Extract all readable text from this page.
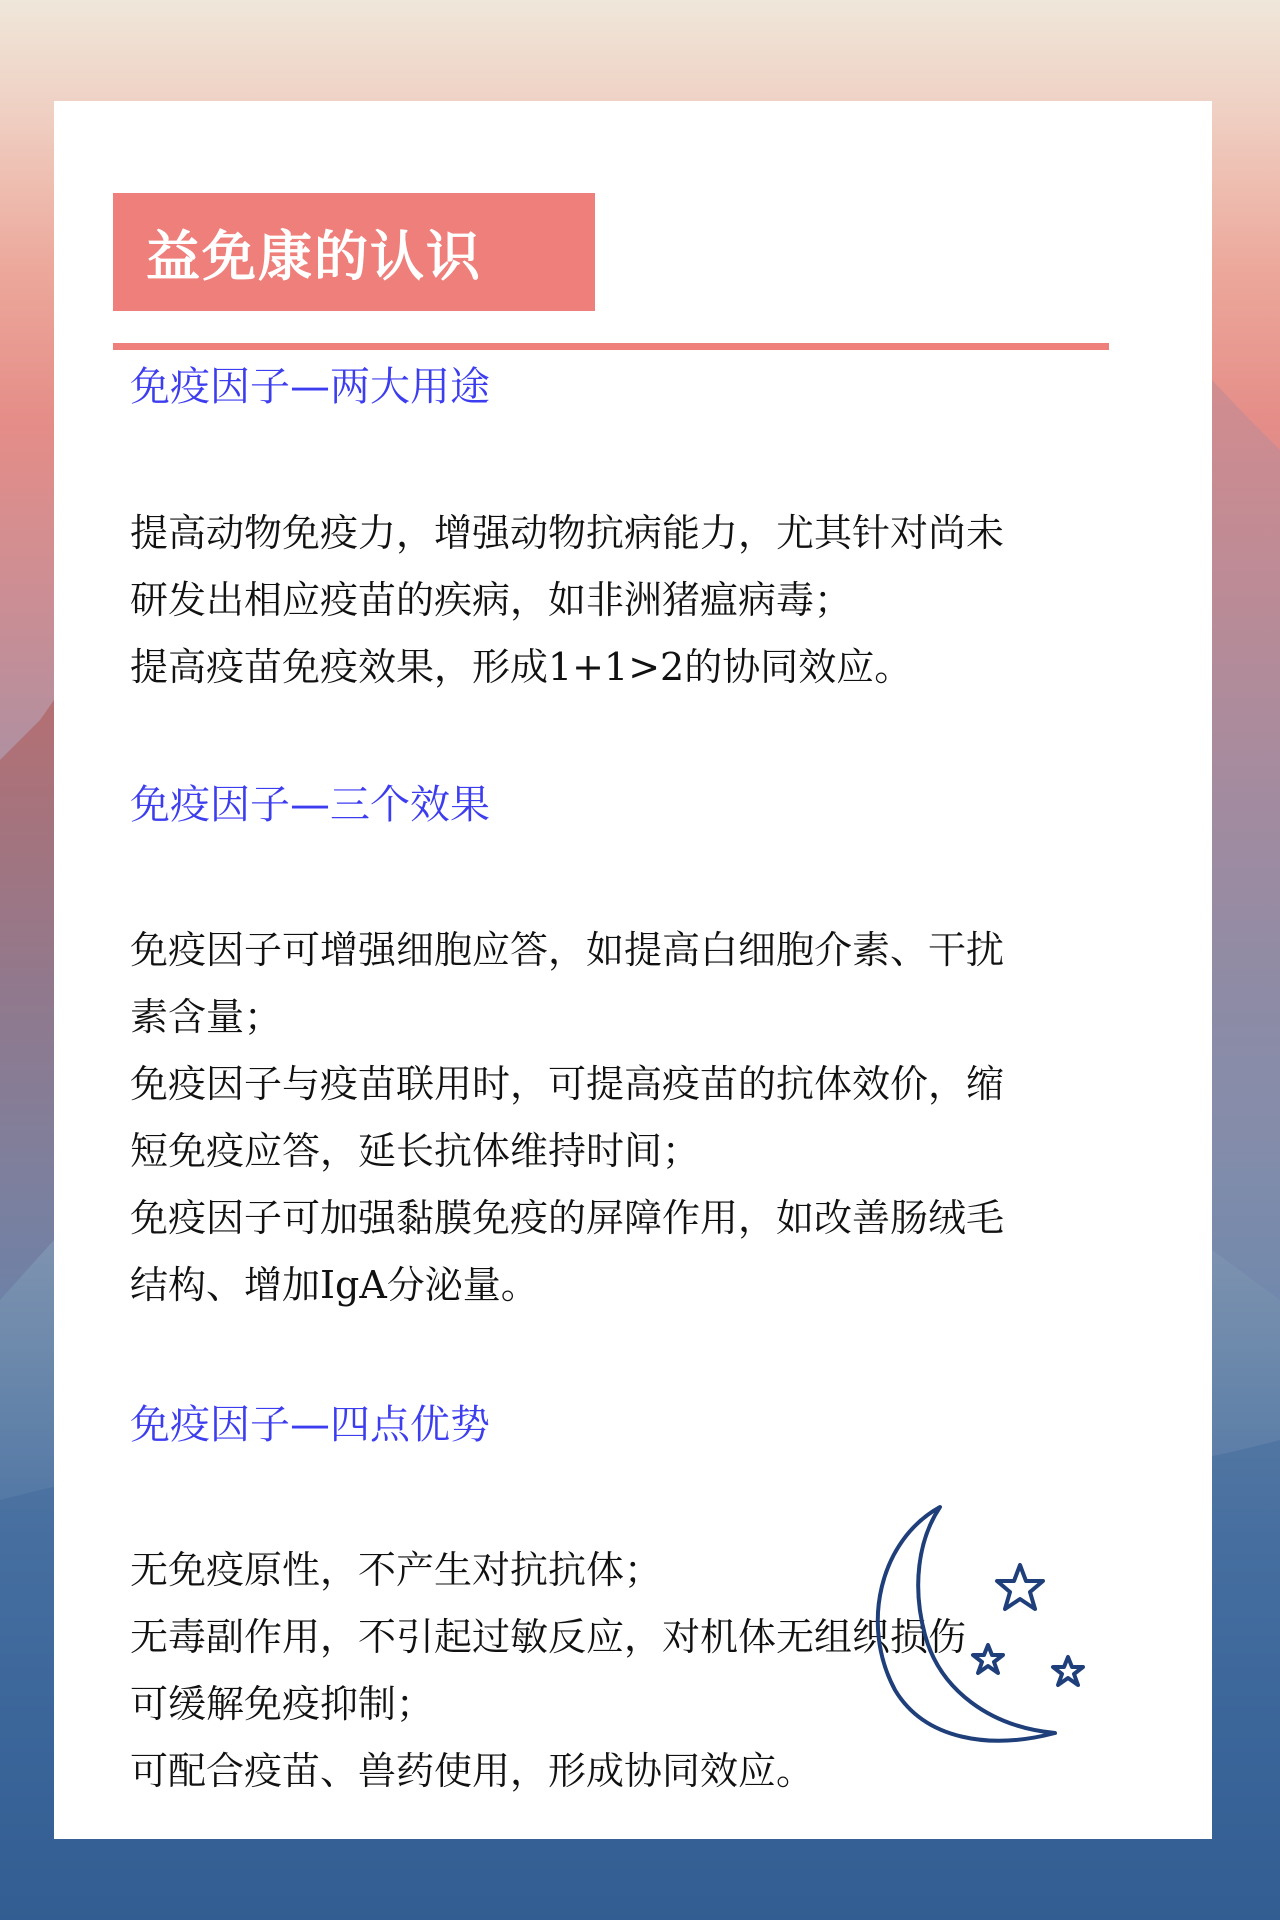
益免康的认识
免疫因子—两大用途

提高动物免疫力，增强动物抗病能力，尤其针对尚未
研发出相应疫苗的疾病，如非洲猪瘟病毒；
提高疫苗免疫效果，形成1+1>2的协同效应。

免疫因子—三个效果

免疫因子可增强细胞应答，如提高白细胞介素、干扰
素含量；
免疫因子与疫苗联用时，可提高疫苗的抗体效价，缩
短免疫应答，延长抗体维持时间；
免疫因子可加强黏膜免疫的屏障作用，如改善肠绒毛
结构、增加IgA分泌量。

免疫因子—四点优势

无免疫原性，不产生对抗抗体；
无毒副作用，不引起过敏反应，对机体无组织损伤
可缓解免疫抑制；
可配合疫苗、兽药使用，形成协同效应。
